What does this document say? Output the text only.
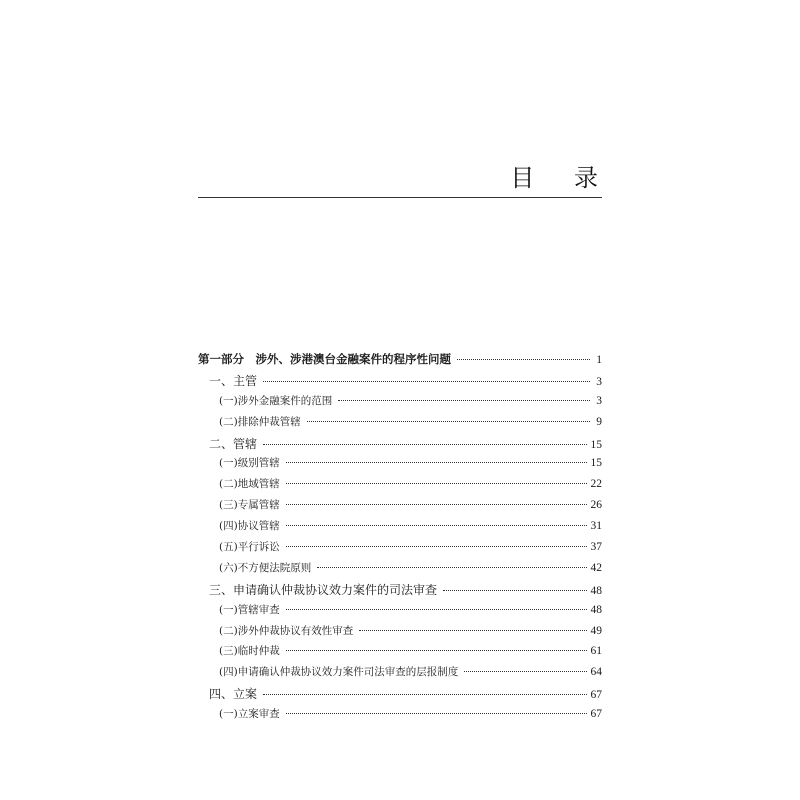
目 录
第一部分　涉外、涉港澳台金融案件的程序性问题	1
一、主管	3
(一)涉外金融案件的范围	3
(二)排除仲裁管辖	9
二、管辖	15
(一)级别管辖	15
(二)地域管辖	22
(三)专属管辖	26
(四)协议管辖	31
(五)平行诉讼	37
(六)不方便法院原则	42
三、申请确认仲裁协议效力案件的司法审查	48
(一)管辖审查	48
(二)涉外仲裁协议有效性审查	49
(三)临时仲裁	61
(四)申请确认仲裁协议效力案件司法审查的层报制度	64
四、立案	67
(一)立案审查	67
